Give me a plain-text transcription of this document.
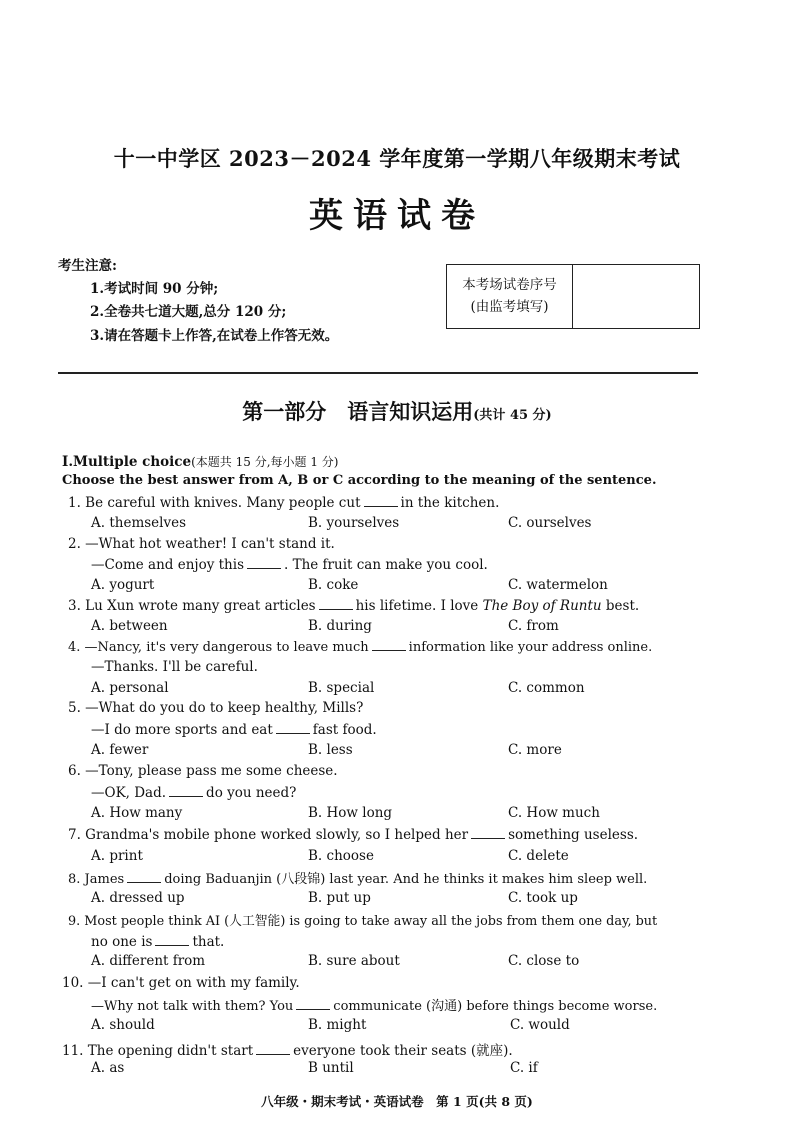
十一中学区 2023－2024 学年度第一学期八年级期末考试
英语试卷
考生注意:
1.考试时间 90 分钟;
2.全卷共七道大题,总分 120 分;
3.请在答题卡上作答,在试卷上作答无效。
本考场试卷序号
(由监考填写)
第一部分　语言知识运用(共计 45 分)
Ⅰ.Multiple choice(本题共 15 分,每小题 1 分)
Choose the best answer from A, B or C according to the meaning of the sentence.
1. Be careful with knives. Many people cut	in the kitchen.
A. themselves	B. yourselves	C. ourselves
2. —What hot weather! I can't stand it.
—Come and enjoy this	. The fruit can make you cool.
A. yogurt	B. coke	C. watermelon
3. Lu Xun wrote many great articles	his lifetime. I love The Boy of Runtu best.
A. between	B. during	C. from
4. —Nancy, it's very dangerous to leave much	information like your address online.
—Thanks. I'll be careful.
A. personal	B. special	C. common
5. —What do you do to keep healthy, Mills?
—I do more sports and eat	fast food.
A. fewer	B. less	C. more
6. —Tony, please pass me some cheese.
—OK, Dad.	do you need?
A. How many	B. How long	C. How much
7. Grandma's mobile phone worked slowly, so I helped her	something useless.
A. print	B. choose	C. delete
8. James	doing Baduanjin (八段锦) last year. And he thinks it makes him sleep well.
A. dressed up	B. put up	C. took up
9. Most people think AI (人工智能) is going to take away all the jobs from them one day, but
no one is	that.
A. different from	B. sure about	C. close to
10. —I can't get on with my family.
—Why not talk with them? You	communicate (沟通) before things become worse.
A. should	B. might	C. would
11. The opening didn't start	everyone took their seats (就座).
A. as	B until	C. if
八年级・期末考试・英语试卷　第 1 页(共 8 页)
